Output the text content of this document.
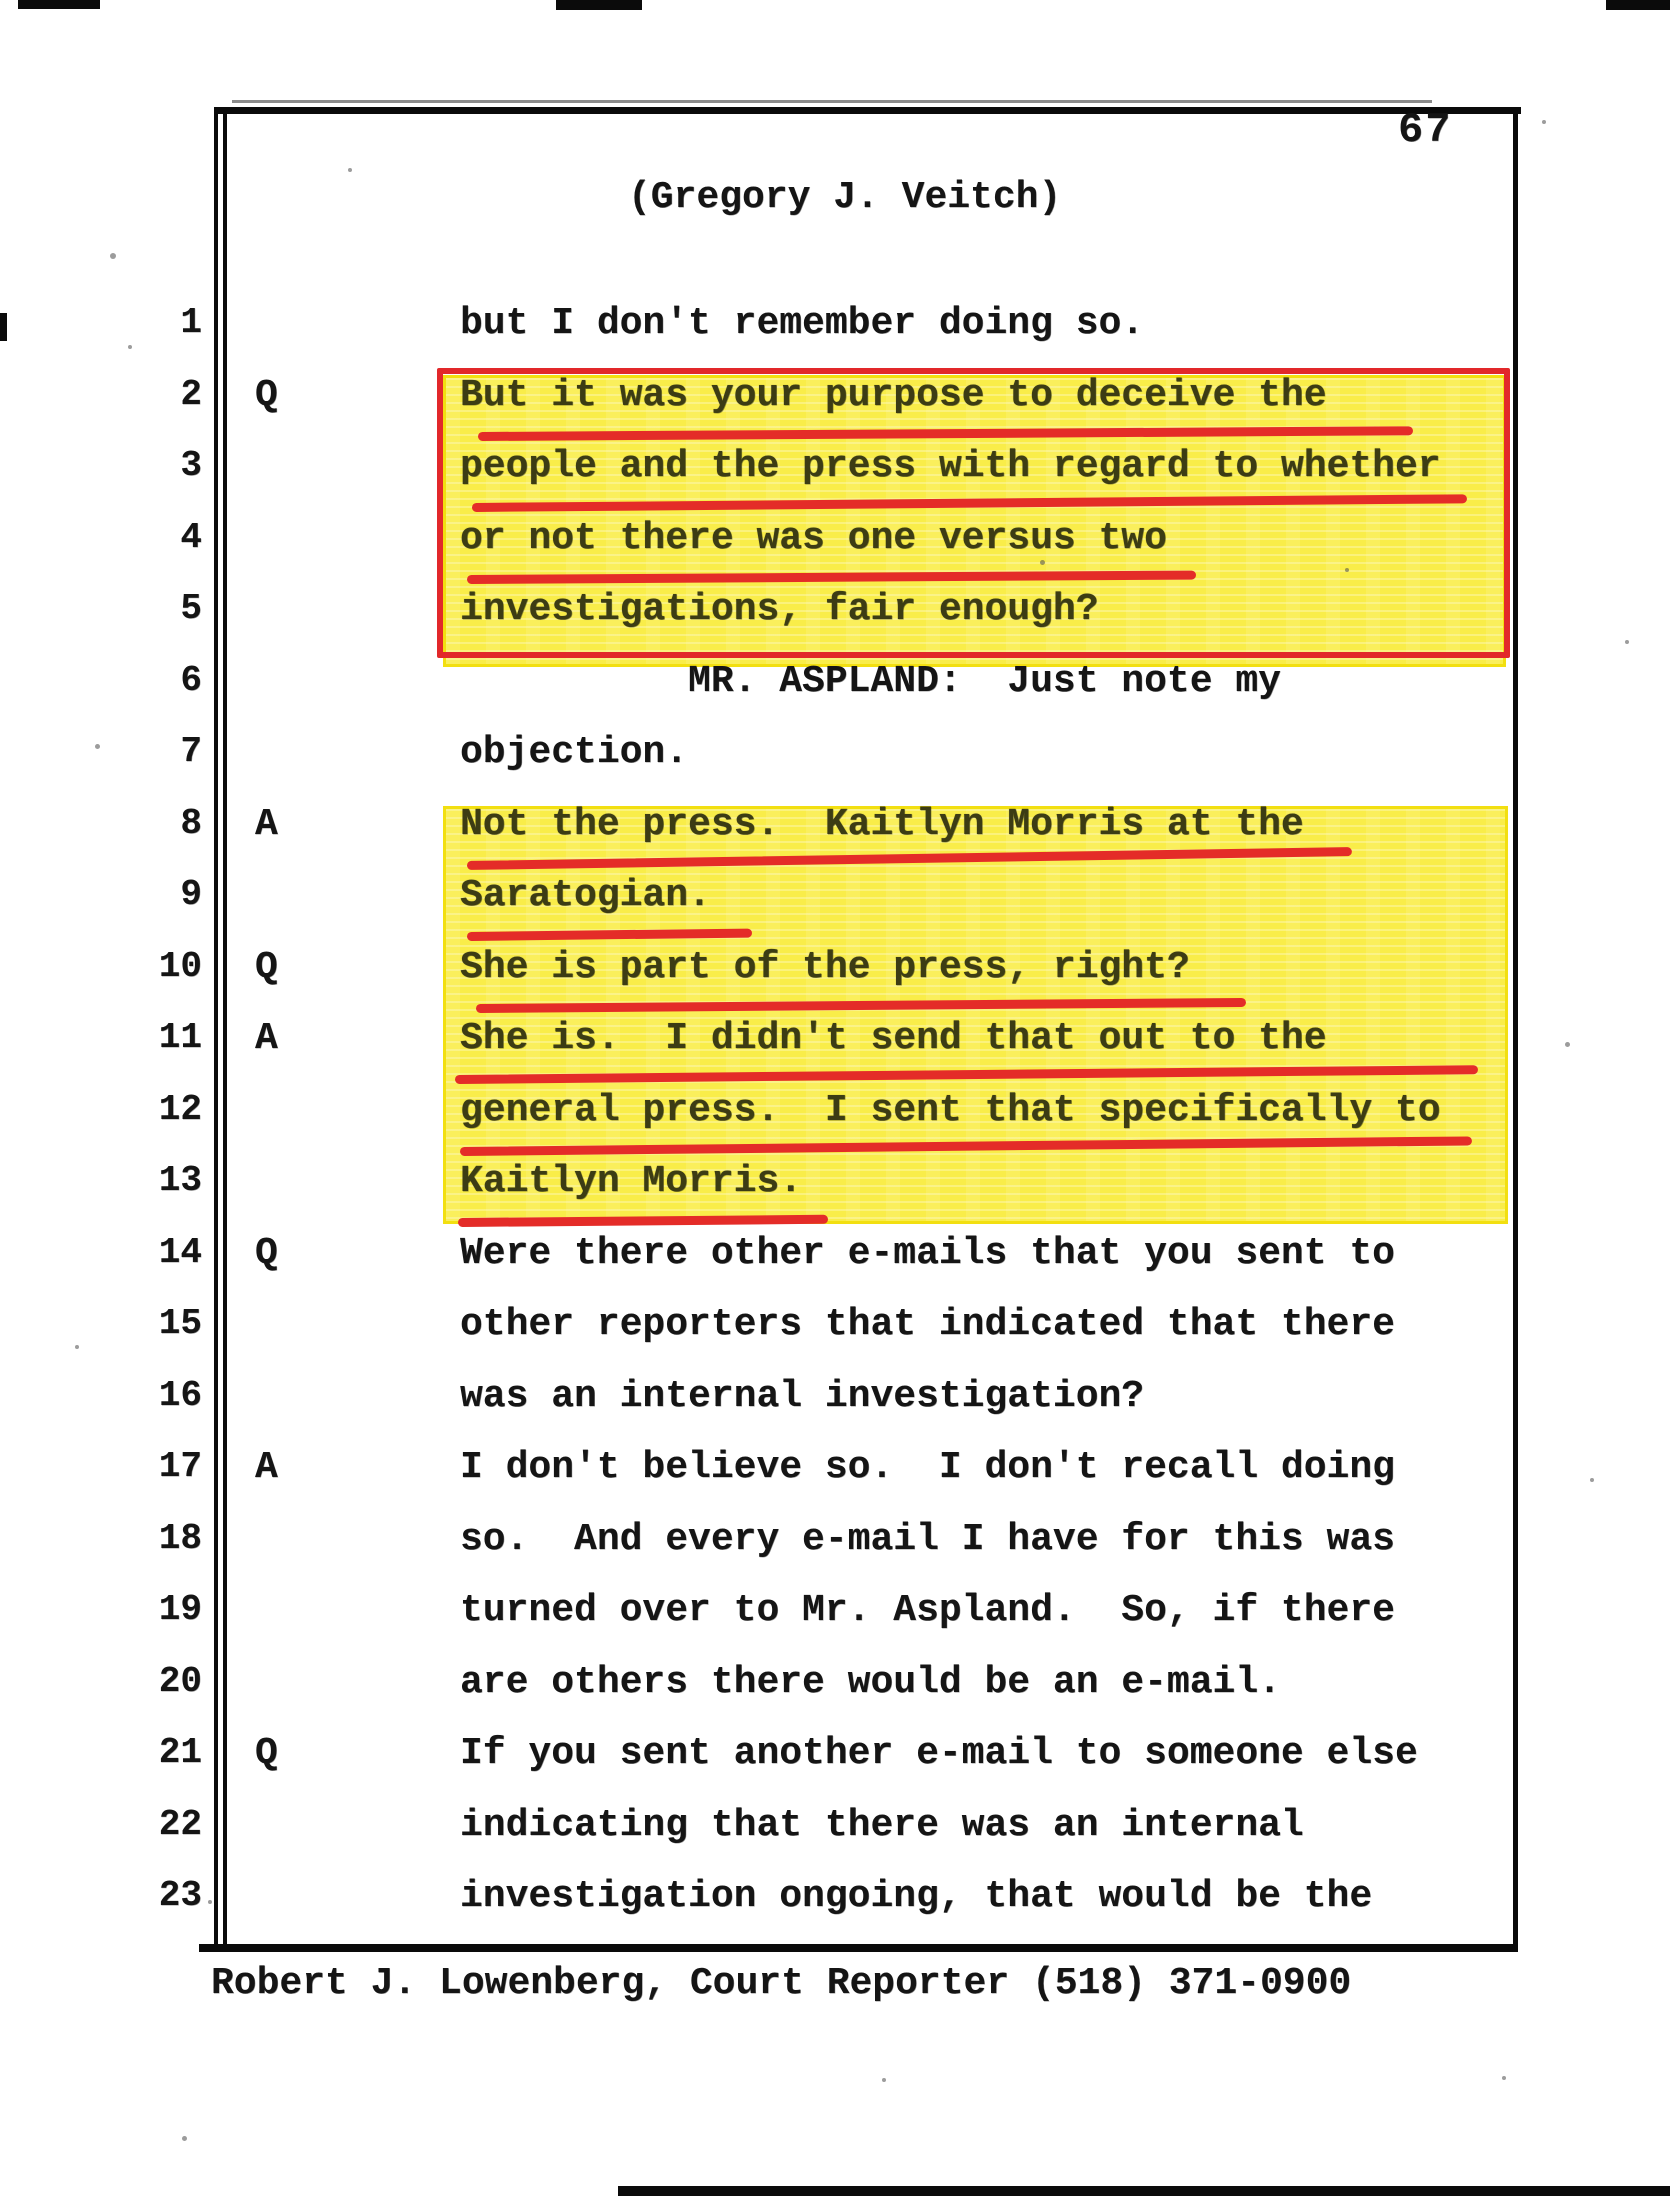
67
(Gregory J. Veitch)
Robert J. Lowenberg, Court Reporter (518) 371-0900
1	but I don't remember doing so.
2 Q	But it was your purpose to deceive the
3	people and the press with regard to whether
4	or not there was one versus two
5	investigations, fair enough?
6	MR. ASPLAND:  Just note my
7	objection.
8 A	Not the press.  Kaitlyn Morris at the
9	Saratogian.
10 Q	She is part of the press, right?
11 A	She is.  I didn't send that out to the
12	general press.  I sent that specifically to
13	Kaitlyn Morris.
14 Q	Were there other e-mails that you sent to
15	other reporters that indicated that there
16	was an internal investigation?
17 A	I don't believe so.  I don't recall doing
18	so.  And every e-mail I have for this was
19	turned over to Mr. Aspland.  So, if there
20	are others there would be an e-mail.
21 Q	If you sent another e-mail to someone else
22	indicating that there was an internal
23	investigation ongoing, that would be the
